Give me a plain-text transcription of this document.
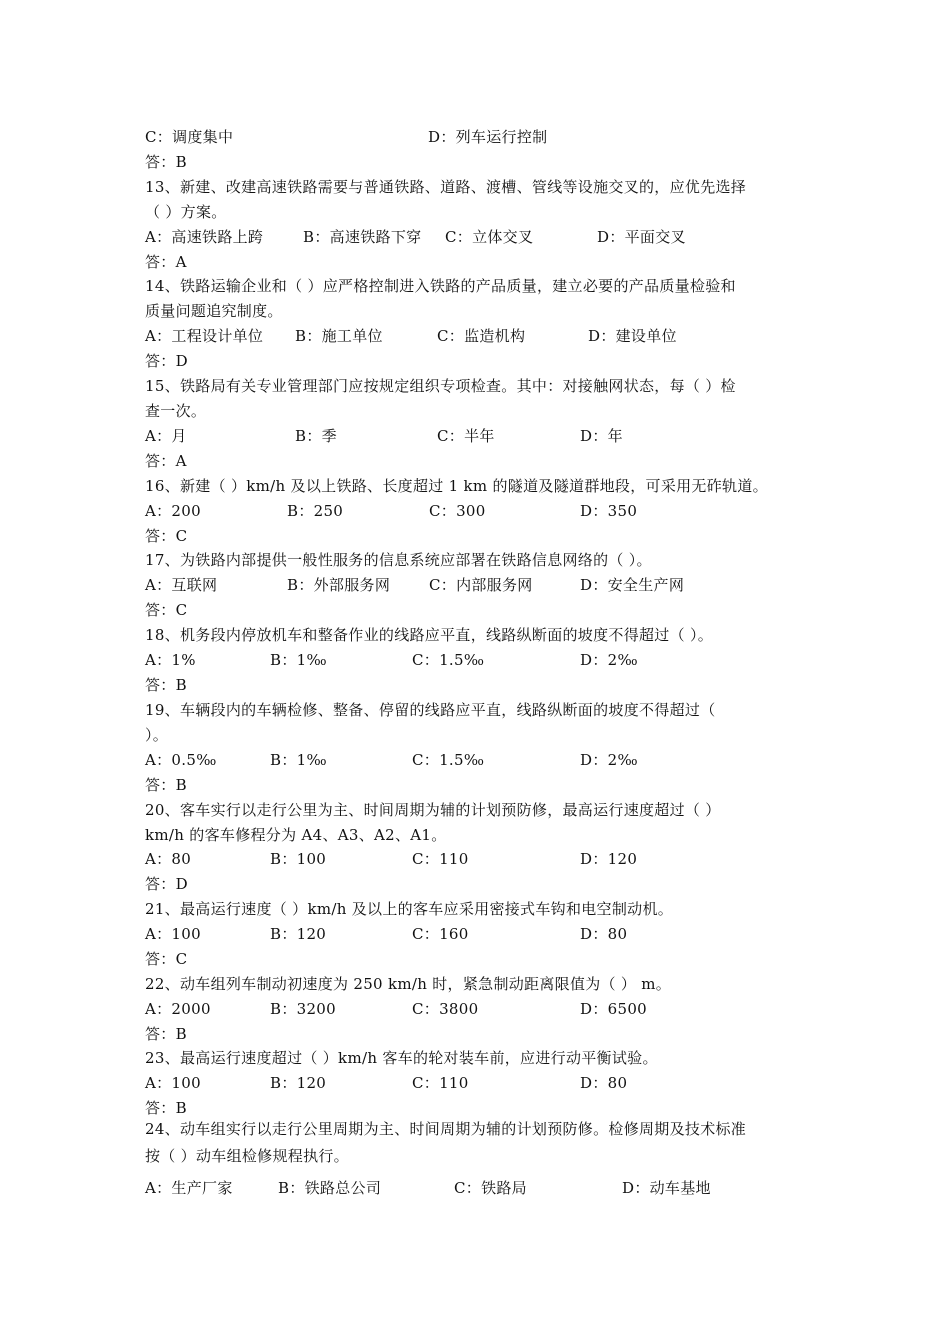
C：调度集中	D：列车运行控制
答：B
13、新建、改建高速铁路需要与普通铁路、道路、渡槽、管线等设施交叉的，应优先选择
（ ）方案。
A：高速铁路上跨	B：高速铁路下穿 C：立体交叉	D：平面交叉
答：A
14、铁路运输企业和（ ）应严格控制进入铁路的产品质量，建立必要的产品质量检验和
质量问题追究制度。
A：工程设计单位 B：施工单位	C：监造机构	D：建设单位
答：D
15、铁路局有关专业管理部门应按规定组织专项检查。其中：对接触网状态，每（ ）检
查一次。
A：月	B：季	C：半年	D：年
答：A
16、新建（ ）km/h 及以上铁路、长度超过 1 km 的隧道及隧道群地段，可采用无砟轨道。
A：200	B：250	C：300	D：350
答：C
17、为铁路内部提供一般性服务的信息系统应部署在铁路信息网络的（ ）。
A：互联网	B：外部服务网	C：内部服务网	D：安全生产网
答：C
18、机务段内停放机车和整备作业的线路应平直，线路纵断面的坡度不得超过（ ）。
A：1%	B：1‰	C：1.5‰	D：2‰
答：B
19、车辆段内的车辆检修、整备、停留的线路应平直，线路纵断面的坡度不得超过（
）。
A：0.5‰	B：1‰	C：1.5‰	D：2‰
答：B
20、客车实行以走行公里为主、时间周期为辅的计划预防修，最高运行速度超过（ ）
km/h 的客车修程分为 A4、A3、A2、A1。
A：80	B：100	C：110	D：120
答：D
21、最高运行速度（ ）km/h 及以上的客车应采用密接式车钩和电空制动机。
A：100	B：120	C：160	D：80
答：C
22、动车组列车制动初速度为 250 km/h 时，紧急制动距离限值为（ ） m。
A：2000	B：3200	C：3800	D：6500
答：B
23、最高运行速度超过（ ）km/h 客车的轮对装车前，应进行动平衡试验。
A：100	B：120	C：110	D：80
答：B
24、动车组实行以走行公里周期为主、时间周期为辅的计划预防修。检修周期及技术标准
按（ ）动车组检修规程执行。
A：生产厂家	B：铁路总公司	C：铁路局	D：动车基地
